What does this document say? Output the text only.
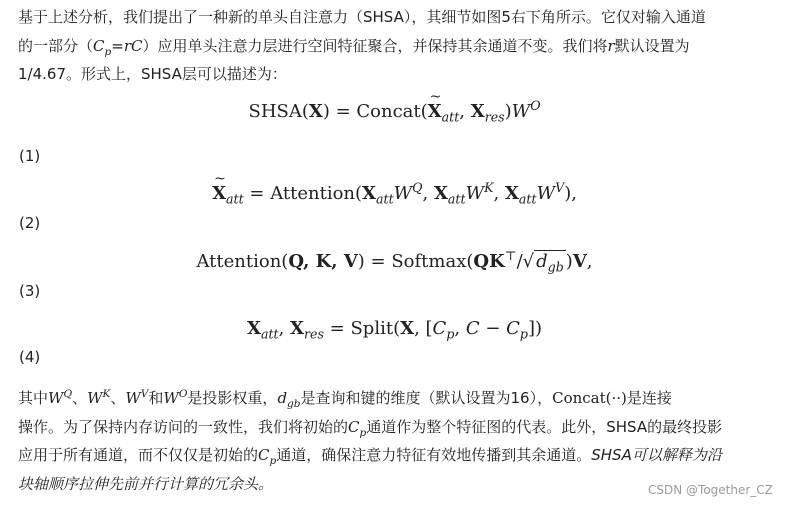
基于上述分析，我们提出了一种新的单头自注意力（SHSA），其细节如图5右下角所示。它仅对输入通道
的一部分$(C_p=rC)$应用单头注意力层进行空间特征聚合，并保持其余通道不变。我们将r默认设置为
1/4.67。形式上，SHSA层可以描述为：

SHSA(X) = Concat(X $\sim_{att}$, $X_{res})W^O$
(1)
X $\sim_{att}$ = $Attention(X_{att}W^Q$, $X_{att}W^K$, $X_{att}W^V$),
(2)
Attention(Q, K, V) = Softmax(QK⊤/√ $d_{gb}$ )V,
(3)
$X_{att}$, $X_{res}$ = Split(X, [$C_p$, $C - C_p$])
(4)

其中$W^Q$、$W^K$、$W^V$和$W^O$是投影权重，$d_{gb}$是查询和键的维度（默认设置为16），Concat(··)是连接
操作。为了保持内存访问的一致性，我们将初始的$C_p$通道作为整个特征图的代表。此外，SHSA的最终投影
应用于所有通道，而不仅仅是初始的$C_p$通道，确保注意力特征有效地传播到其余通道。SHSA可以解释为沿
块轴顺序拉伸先前并行计算的冗余头。	CSDN @Together_CZ
